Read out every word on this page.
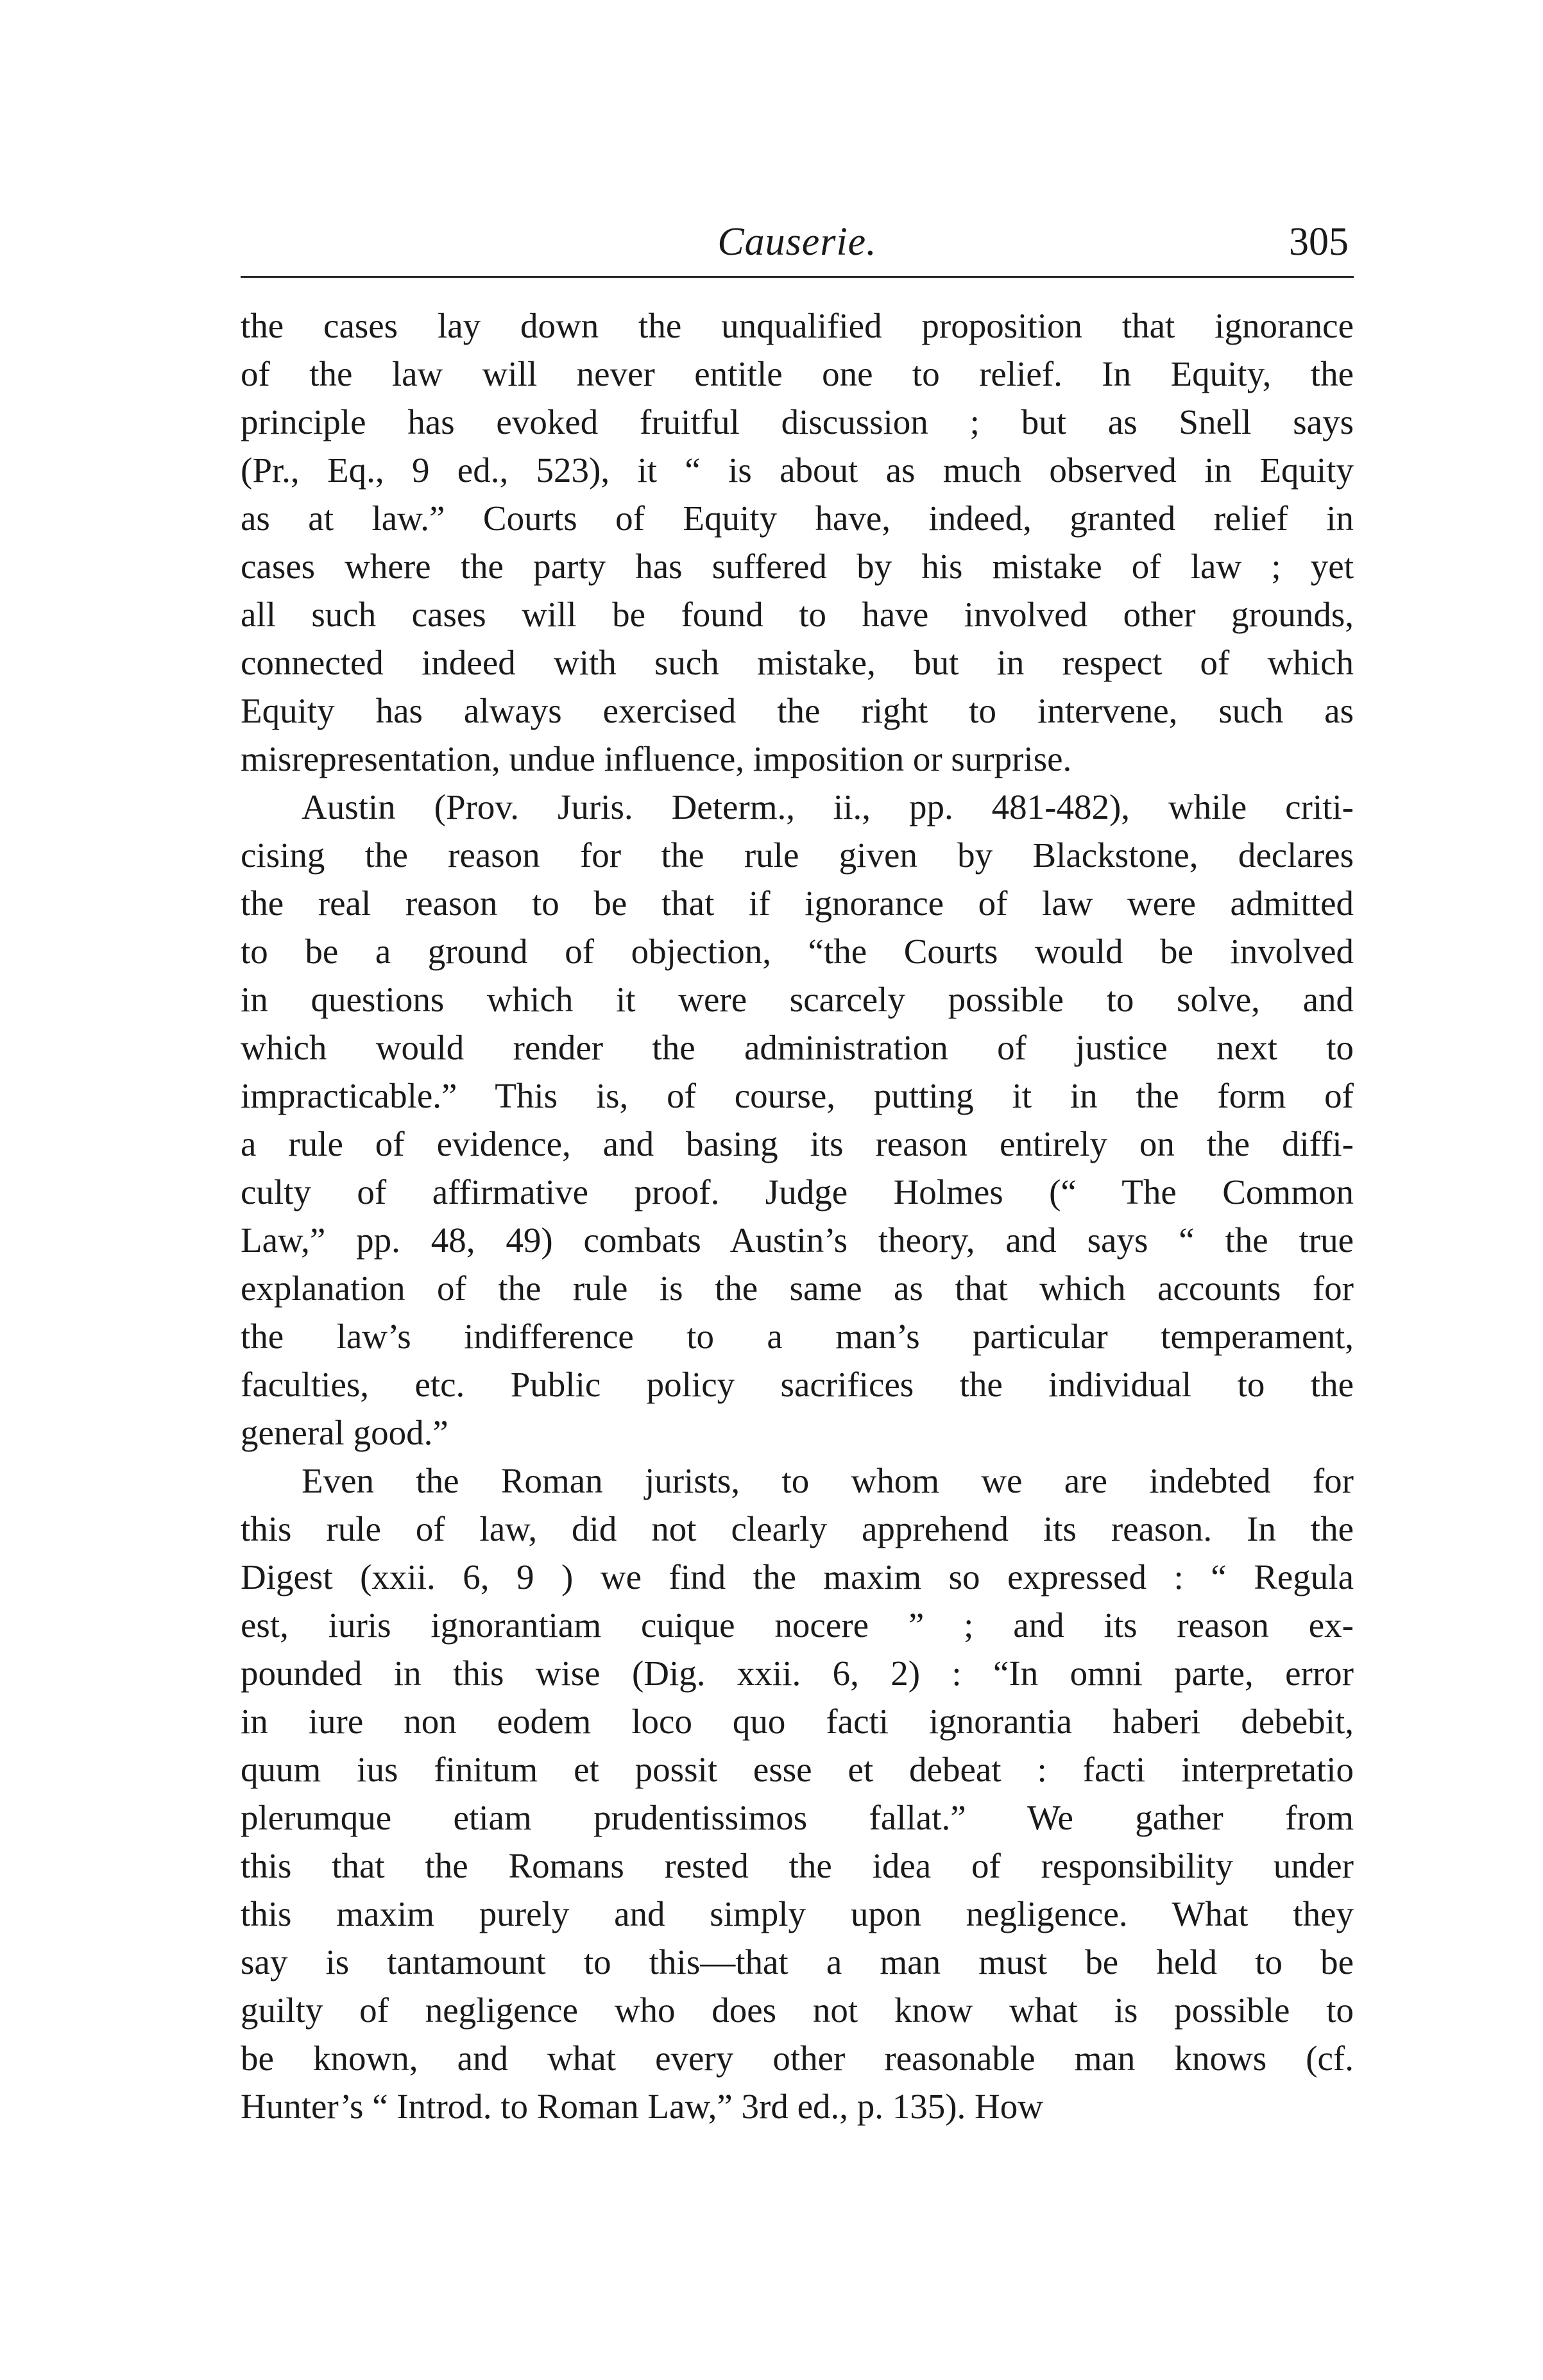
Causerie.	305

the cases lay down the unqualified proposition that ignorance
of the law will never entitle one to relief. In Equity, the
principle has evoked fruitful discussion ; but as Snell says
(Pr., Eq., 9 ed., 523), it “ is about as much observed in Equity
as at law.” Courts of Equity have, indeed, granted relief in
cases where the party has suffered by his mistake of law ; yet
all such cases will be found to have involved other grounds,
connected indeed with such mistake, but in respect of which
Equity has always exercised the right to intervene, such as
misrepresentation, undue influence, imposition or surprise.

Austin (Prov. Juris. Determ., ii., pp. 481-482), while criti-
cising the reason for the rule given by Blackstone, declares
the real reason to be that if ignorance of law were admitted
to be a ground of objection, “the Courts would be involved
in questions which it were scarcely possible to solve, and
which would render the administration of justice next to
impracticable.” This is, of course, putting it in the form of
a rule of evidence, and basing its reason entirely on the diffi-
culty of affirmative proof. Judge Holmes (“ The Common
Law,” pp. 48, 49) combats Austin’s theory, and says “ the true
explanation of the rule is the same as that which accounts for
the law’s indifference to a man’s particular temperament,
faculties, etc. Public policy sacrifices the individual to the
general good.”

Even the Roman jurists, to whom we are indebted for
this rule of law, did not clearly apprehend its reason. In the
Digest (xxii. 6, 9 ) we find the maxim so expressed : “ Regula
est, iuris ignorantiam cuique nocere ” ; and its reason ex-
pounded in this wise (Dig. xxii. 6, 2) : “In omni parte, error
in iure non eodem loco quo facti ignorantia haberi debebit,
quum ius finitum et possit esse et debeat : facti interpretatio
plerumque etiam prudentissimos fallat.” We gather from
this that the Romans rested the idea of responsibility under
this maxim purely and simply upon negligence. What they
say is tantamount to this—that a man must be held to be
guilty of negligence who does not know what is possible to
be known, and what every other reasonable man knows (cf.
Hunter’s “ Introd. to Roman Law,” 3rd ed., p. 135). How
